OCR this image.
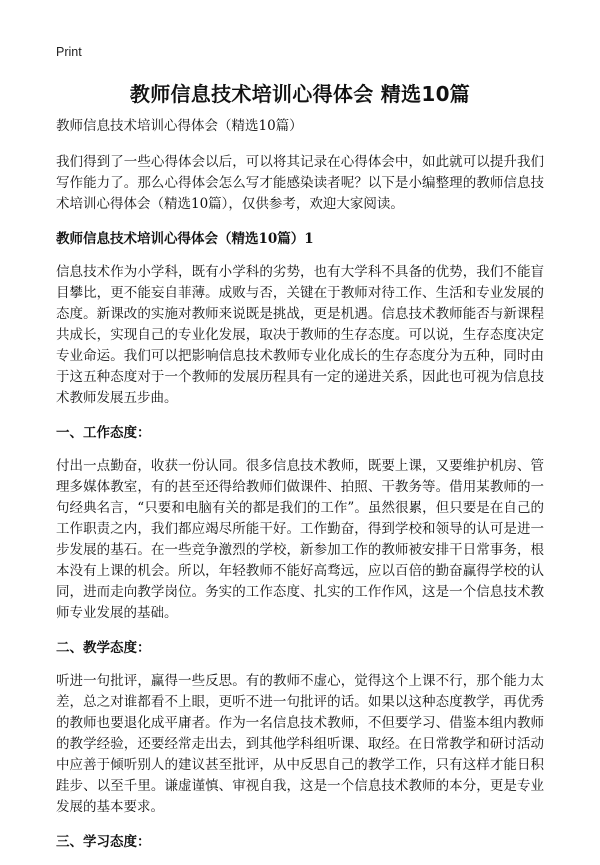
Print
教师信息技术培训心得体会 精选10篇

教师信息技术培训心得体会（精选10篇）

我们得到了一些心得体会以后，可以将其记录在心得体会中，如此就可以提升我们写作能力了。那么心得体会怎么写才能感染读者呢？以下是小编整理的教师信息技术培训心得体会（精选10篇），仅供参考，欢迎大家阅读。

教师信息技术培训心得体会（精选10篇）1

信息技术作为小学科，既有小学科的劣势，也有大学科不具备的优势，我们不能盲目攀比，更不能妄自菲薄。成败与否，关键在于教师对待工作、生活和专业发展的态度。新课改的实施对教师来说既是挑战，更是机遇。信息技术教师能否与新课程共成长，实现自己的专业化发展，取决于教师的生存态度。可以说，生存态度决定专业命运。我们可以把影响信息技术教师专业化成长的生存态度分为五种，同时由于这五种态度对于一个教师的发展历程具有一定的递进关系，因此也可视为信息技术教师发展五步曲。

一、工作态度：

付出一点勤奋，收获一份认同。很多信息技术教师，既要上课，又要维护机房、管理多媒体教室，有的甚至还得给教师们做课件、拍照、干教务等。借用某教师的一句经典名言，“只要和电脑有关的都是我们的工作”。虽然很累，但只要是在自己的工作职责之内，我们都应竭尽所能干好。工作勤奋，得到学校和领导的认可是进一步发展的基石。在一些竞争激烈的学校，新参加工作的教师被安排干日常事务，根本没有上课的机会。所以，年轻教师不能好高骛远，应以百倍的勤奋赢得学校的认同，进而走向教学岗位。务实的工作态度、扎实的工作作风，这是一个信息技术教师专业发展的基础。

二、教学态度：

听进一句批评，赢得一些反思。有的教师不虚心，觉得这个上课不行，那个能力太差，总之对谁都看不上眼，更听不进一句批评的话。如果以这种态度教学，再优秀的教师也要退化成平庸者。作为一名信息技术教师，不但要学习、借鉴本组内教师的教学经验，还要经常走出去，到其他学科组听课、取经。在日常教学和研讨活动中应善于倾听别人的建议甚至批评，从中反思自己的教学工作，只有这样才能日积跬步、以至千里。谦虚谨慎、审视自我，这是一个信息技术教师的本分，更是专业发展的基本要求。

三、学习态度：
